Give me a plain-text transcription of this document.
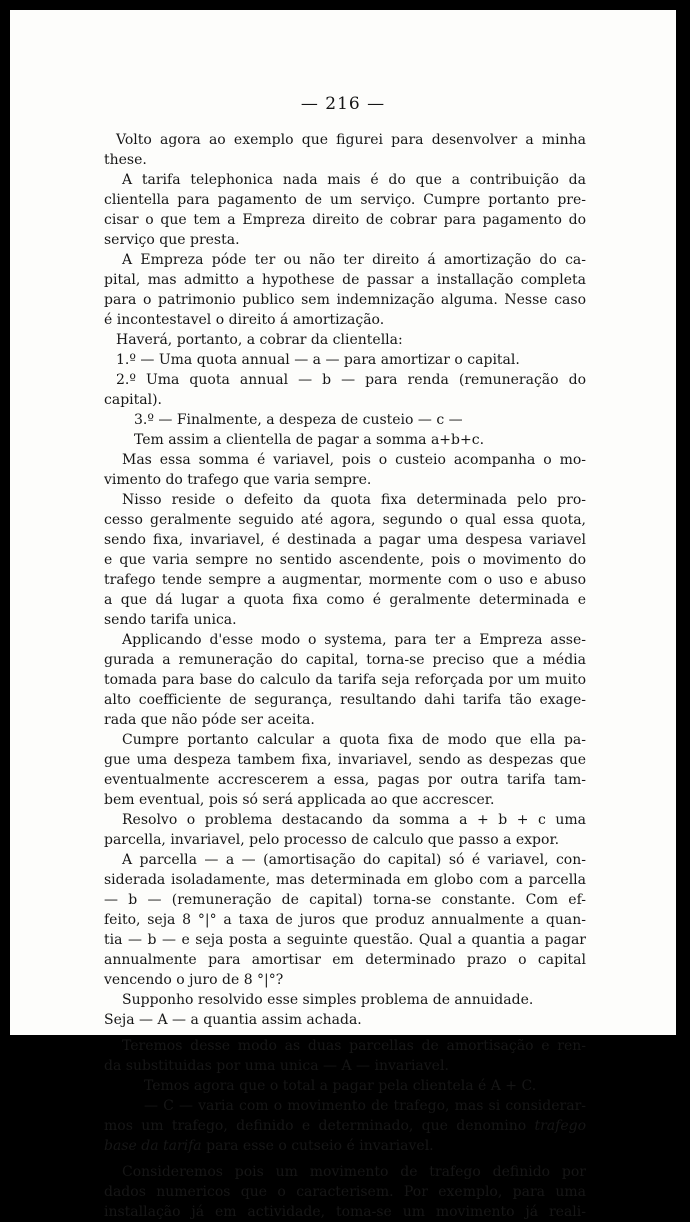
— 216 —
Volto agora ao exemplo que figurei para desenvolver a minha
these.
A tarifa telephonica nada mais é do que a contribuição da
clientella para pagamento de um serviço. Cumpre portanto pre-
cisar o que tem a Empreza direito de cobrar para pagamento do
serviço que presta.
A Empreza póde ter ou não ter direito á amortização do ca-
pital, mas admitto a hypothese de passar a installação completa
para o patrimonio publico sem indemnização alguma. Nesse caso
é incontestavel o direito á amortização.
Haverá, portanto, a cobrar da clientella:
1.º — Uma quota annual — a — para amortizar o capital.
2.º Uma quota annual — b — para renda (remuneração do
capital).
3.º — Finalmente, a despeza de custeio — c —
Tem assim a clientella de pagar a somma a+b+c.
Mas essa somma é variavel, pois o custeio acompanha o mo-
vimento do trafego que varia sempre.
Nisso reside o defeito da quota fixa determinada pelo pro-
cesso geralmente seguido até agora, segundo o qual essa quota,
sendo fixa, invariavel, é destinada a pagar uma despesa variavel
e que varia sempre no sentido ascendente, pois o movimento do
trafego tende sempre a augmentar, mormente com o uso e abuso
a que dá lugar a quota fixa como é geralmente determinada e
sendo tarifa unica.
Applicando d'esse modo o systema, para ter a Empreza asse-
gurada a remuneração do capital, torna-se preciso que a média
tomada para base do calculo da tarifa seja reforçada por um muito
alto coefficiente de segurança, resultando dahi tarifa tão exage-
rada que não póde ser aceita.
Cumpre portanto calcular a quota fixa de modo que ella pa-
gue uma despeza tambem fixa, invariavel, sendo as despezas que
eventualmente accrescerem a essa, pagas por outra tarifa tam-
bem eventual, pois só será applicada ao que accrescer.
Resolvo o problema destacando da somma a + b + c uma
parcella, invariavel, pelo processo de calculo que passo a expor.
A parcella — a — (amortisação do capital) só é variavel, con-
siderada isoladamente, mas determinada em globo com a parcella
— b — (remuneração de capital) torna-se constante. Com ef-
feito, seja 8 °|° a taxa de juros que produz annualmente a quan-
tia — b — e seja posta a seguinte questão. Qual a quantia a pagar
annualmente para amortisar em determinado prazo o capital
vencendo o juro de 8 °|°?
Supponho resolvido esse simples problema de annuidade.
Seja — A — a quantia assim achada.
Teremos desse modo as duas parcellas de amortisação e ren-
da substituidas por uma unica — A — invariavel.
Temos agora que o total a pagar pela clientela é A + C.
— C — varia com o movimento de trafego, mas si considerar-
mos um trafego, definido e determinado, que denomino trafego
base da tarifa para esse o cutseio é invariavel.
Consideremos pois um movimento de trafego definido por
dados numericos que o caracterisem. Por exemplo, para uma
installação já em actividade, toma-se um movimento já reali-
